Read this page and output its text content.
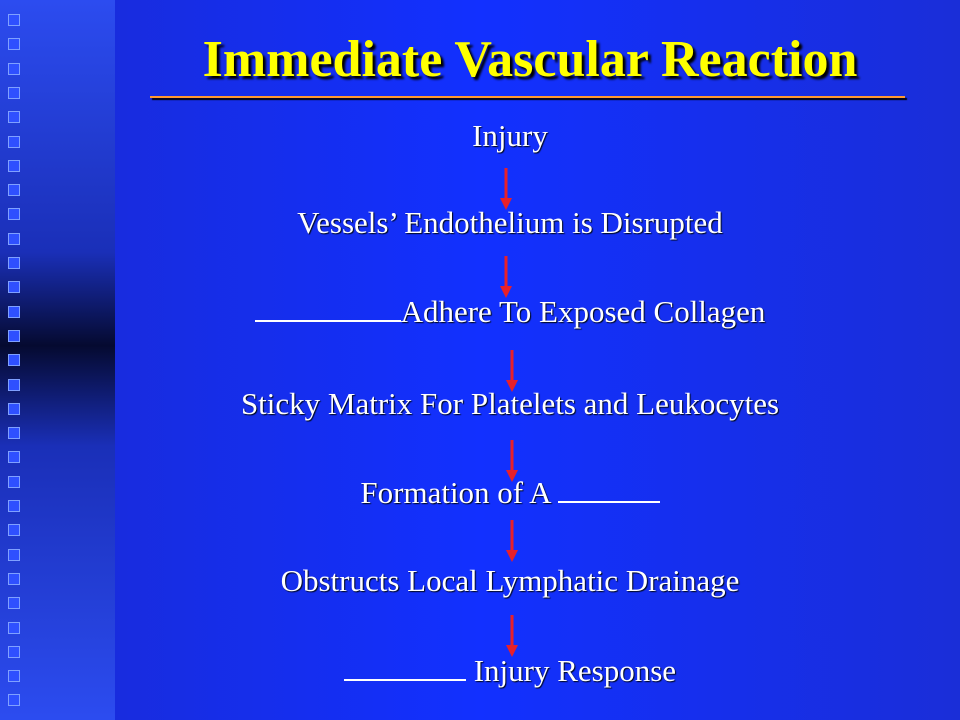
Immediate Vascular Reaction
Injury
Vessels’ Endothelium is Disrupted
Adhere To Exposed Collagen
Sticky Matrix For Platelets and Leukocytes
Formation of A
Obstructs Local Lymphatic Drainage
Injury Response
